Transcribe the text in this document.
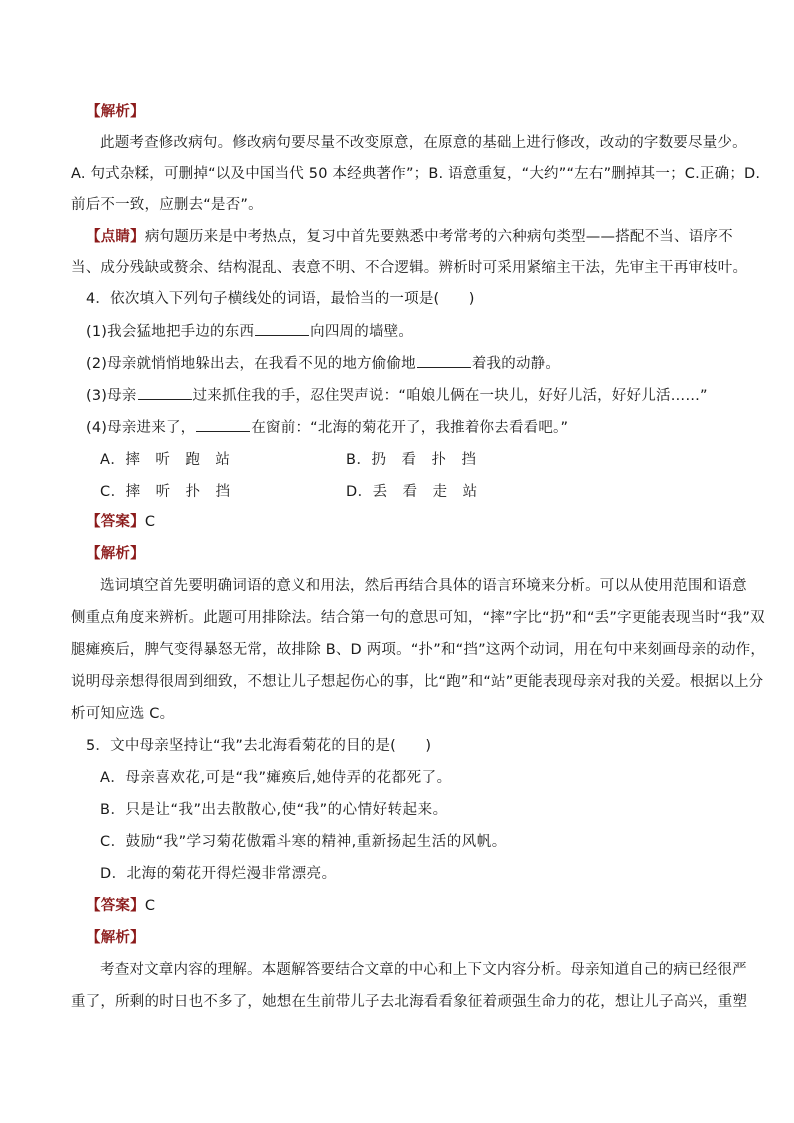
【解析】
此题考查修改病句。修改病句要尽量不改变原意，在原意的基础上进行修改，改动的字数要尽量少。
A. 句式杂糅，可删掉“以及中国当代 50 本经典著作”；B. 语意重复，“大约”“左右”删掉其一；C.正确；D.
前后不一致，应删去“是否”。
【点睛】病句题历来是中考热点，复习中首先要熟悉中考常考的六种病句类型——搭配不当、语序不
当、成分残缺或赘余、结构混乱、表意不明、不合逻辑。辨析时可采用紧缩主干法，先审主干再审枝叶。
4．依次填入下列句子横线处的词语，最恰当的一项是(　　)
(1)我会猛地把手边的东西	向四周的墙壁。
(2)母亲就悄悄地躲出去，在我看不见的地方偷偷地	着我的动静。
(3)母亲	过来抓住我的手，忍住哭声说：“咱娘儿俩在一块儿，好好儿活，好好儿活……”
(4)母亲进来了，	在窗前：“北海的菊花开了，我推着你去看看吧。”
A．摔　听　跑　站	B．扔　看　扑　挡
C．摔　听　扑　挡	D．丢　看　走　站
【答案】C
【解析】
选词填空首先要明确词语的意义和用法，然后再结合具体的语言环境来分析。可以从使用范围和语意
侧重点角度来辨析。此题可用排除法。结合第一句的意思可知，“摔”字比“扔”和“丢”字更能表现当时“我”双
腿瘫痪后，脾气变得暴怒无常，故排除 B、D 两项。“扑”和“挡”这两个动词，用在句中来刻画母亲的动作，
说明母亲想得很周到细致，不想让儿子想起伤心的事，比“跑”和“站”更能表现母亲对我的关爱。根据以上分
析可知应选 C。
5．文中母亲坚持让“我”去北海看菊花的目的是(　　)
A．母亲喜欢花,可是“我”瘫痪后,她侍弄的花都死了。
B．只是让“我”出去散散心,使“我”的心情好转起来。
C．鼓励“我”学习菊花傲霜斗寒的精神,重新扬起生活的风帆。
D．北海的菊花开得烂漫非常漂亮。
【答案】C
【解析】
考查对文章内容的理解。本题解答要结合文章的中心和上下文内容分析。母亲知道自己的病已经很严
重了，所剩的时日也不多了，她想在生前带儿子去北海看看象征着顽强生命力的花，想让儿子高兴，重塑
